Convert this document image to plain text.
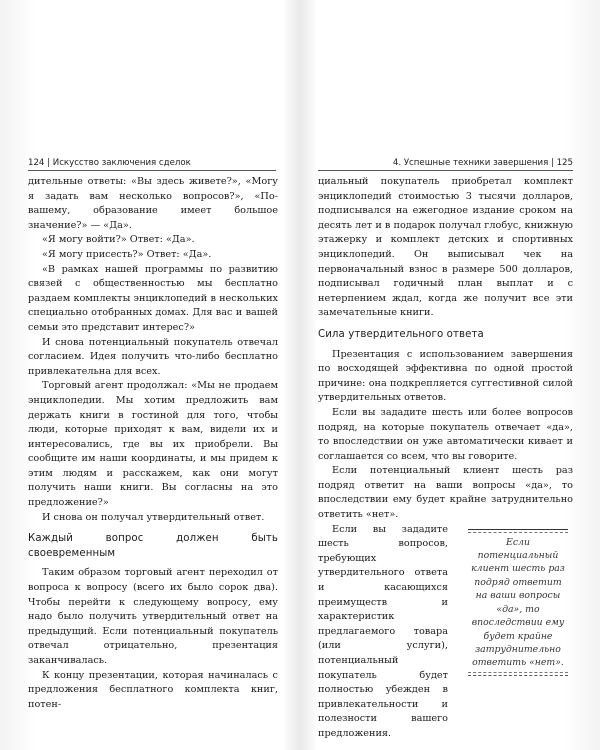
124 | Искусство заключения сделок

дительные ответы: «Вы здесь живете?», «Могу я задать вам несколько вопросов?», «По-вашему, образование имеет большое значение?» — «Да».

«Я могу войти?» Ответ: «Да».

«Я могу присесть?» Ответ: «Да».

«В рамках нашей программы по развитию связей с общественностью мы бесплатно раздаем комплекты энциклопедий в нескольких специально отобранных домах. Для вас и вашей семьи это представит интерес?»

И снова потенциальный покупатель отвечал согласием. Идея получить что-либо бесплатно привлекательна для всех.

Торговый агент продолжал: «Мы не продаем энциклопедии. Мы хотим предложить вам держать книги в гостиной для того, чтобы люди, которые приходят к вам, видели их и интересовались, где вы их приобрели. Вы сообщите им наши координаты, и мы придем к этим людям и расскажем, как они могут получить наши книги. Вы согласны на это предложение?»

И снова он получал утвердительный ответ.

Каждый вопрос должен быть своевременным

Таким образом торговый агент переходил от вопроса к вопросу (всего их было сорок два). Чтобы перейти к следующему вопросу, ему надо было получить утвердительный ответ на предыдущий. Если потенциальный покупатель отвечал отрицательно, презентация заканчивалась.

К концу презентации, которая начиналась с предложения бесплатного комплекта книг, потен-

4. Успешные техники завершения | 125

циальный покупатель приобретал комплект энциклопедий стоимостью 3 тысячи долларов, подписывался на ежегодное издание сроком на десять лет и в подарок получал глобус, книжную этажерку и комплект детских и спортивных энциклопедий. Он выписывал чек на первоначальный взнос в размере 500 долларов, подписывал годичный план выплат и с нетерпением ждал, когда же получит все эти замечательные книги.

Сила утвердительного ответа

Презентация с использованием завершения по восходящей эффективна по одной простой причине: она подкрепляется суггестивной силой утвердительных ответов.

Если вы зададите шесть или более вопросов подряд, на которые покупатель отвечает «да», то впоследствии он уже автоматически кивает и соглашается со всем, что вы говорите.

Если потенциальный клиент шесть раз подряд ответит на ваши вопросы «да», то впоследствии ему будет крайне затруднительно ответить «нет».

Если вы зададите шесть вопросов, требующих утвердительного ответа и касающихся преимуществ и характеристик предлагаемого товара (или услуги), потенциальный покупатель будет полностью убежден в привлекательности и полезности вашего предложения.

Если потенциальный клиент шесть раз подряд ответит на ваши вопросы «да», то впоследствии ему будет крайне затруднительно ответить «нет».
